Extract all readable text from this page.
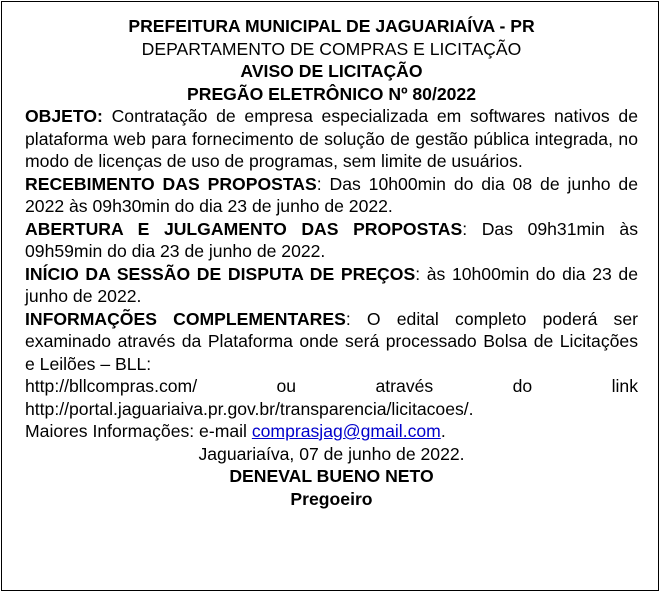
PREFEITURA MUNICIPAL DE JAGUARIAÍVA - PR

DEPARTAMENTO DE COMPRAS E LICITAÇÃO

AVISO DE LICITAÇÃO

PREGÃO ELETRÔNICO Nº 80/2022

OBJETO: Contratação de empresa especializada em softwares nativos de plataforma web para fornecimento de solução de gestão pública integrada, no modo de licenças de uso de programas, sem limite de usuários.

RECEBIMENTO DAS PROPOSTAS: Das 10h00min do dia 08 de junho de 2022 às 09h30min do dia 23 de junho de 2022.

ABERTURA E JULGAMENTO DAS PROPOSTAS: Das 09h31min às 09h59min do dia 23 de junho de 2022.

INÍCIO DA SESSÃO DE DISPUTA DE PREÇOS: às 10h00min do dia 23 de junho de 2022.

INFORMAÇÕES COMPLEMENTARES: O edital completo poderá ser examinado através da Plataforma onde será processado Bolsa de Licitações e Leilões – BLL:

http://bllcompras.com/ ou através do link

http://portal.jaguariaiva.pr.gov.br/transparencia/licitacoes/.

Maiores Informações: e-mail comprasjag@gmail.com.

Jaguariaíva, 07 de junho de 2022.

DENEVAL BUENO NETO

Pregoeiro
